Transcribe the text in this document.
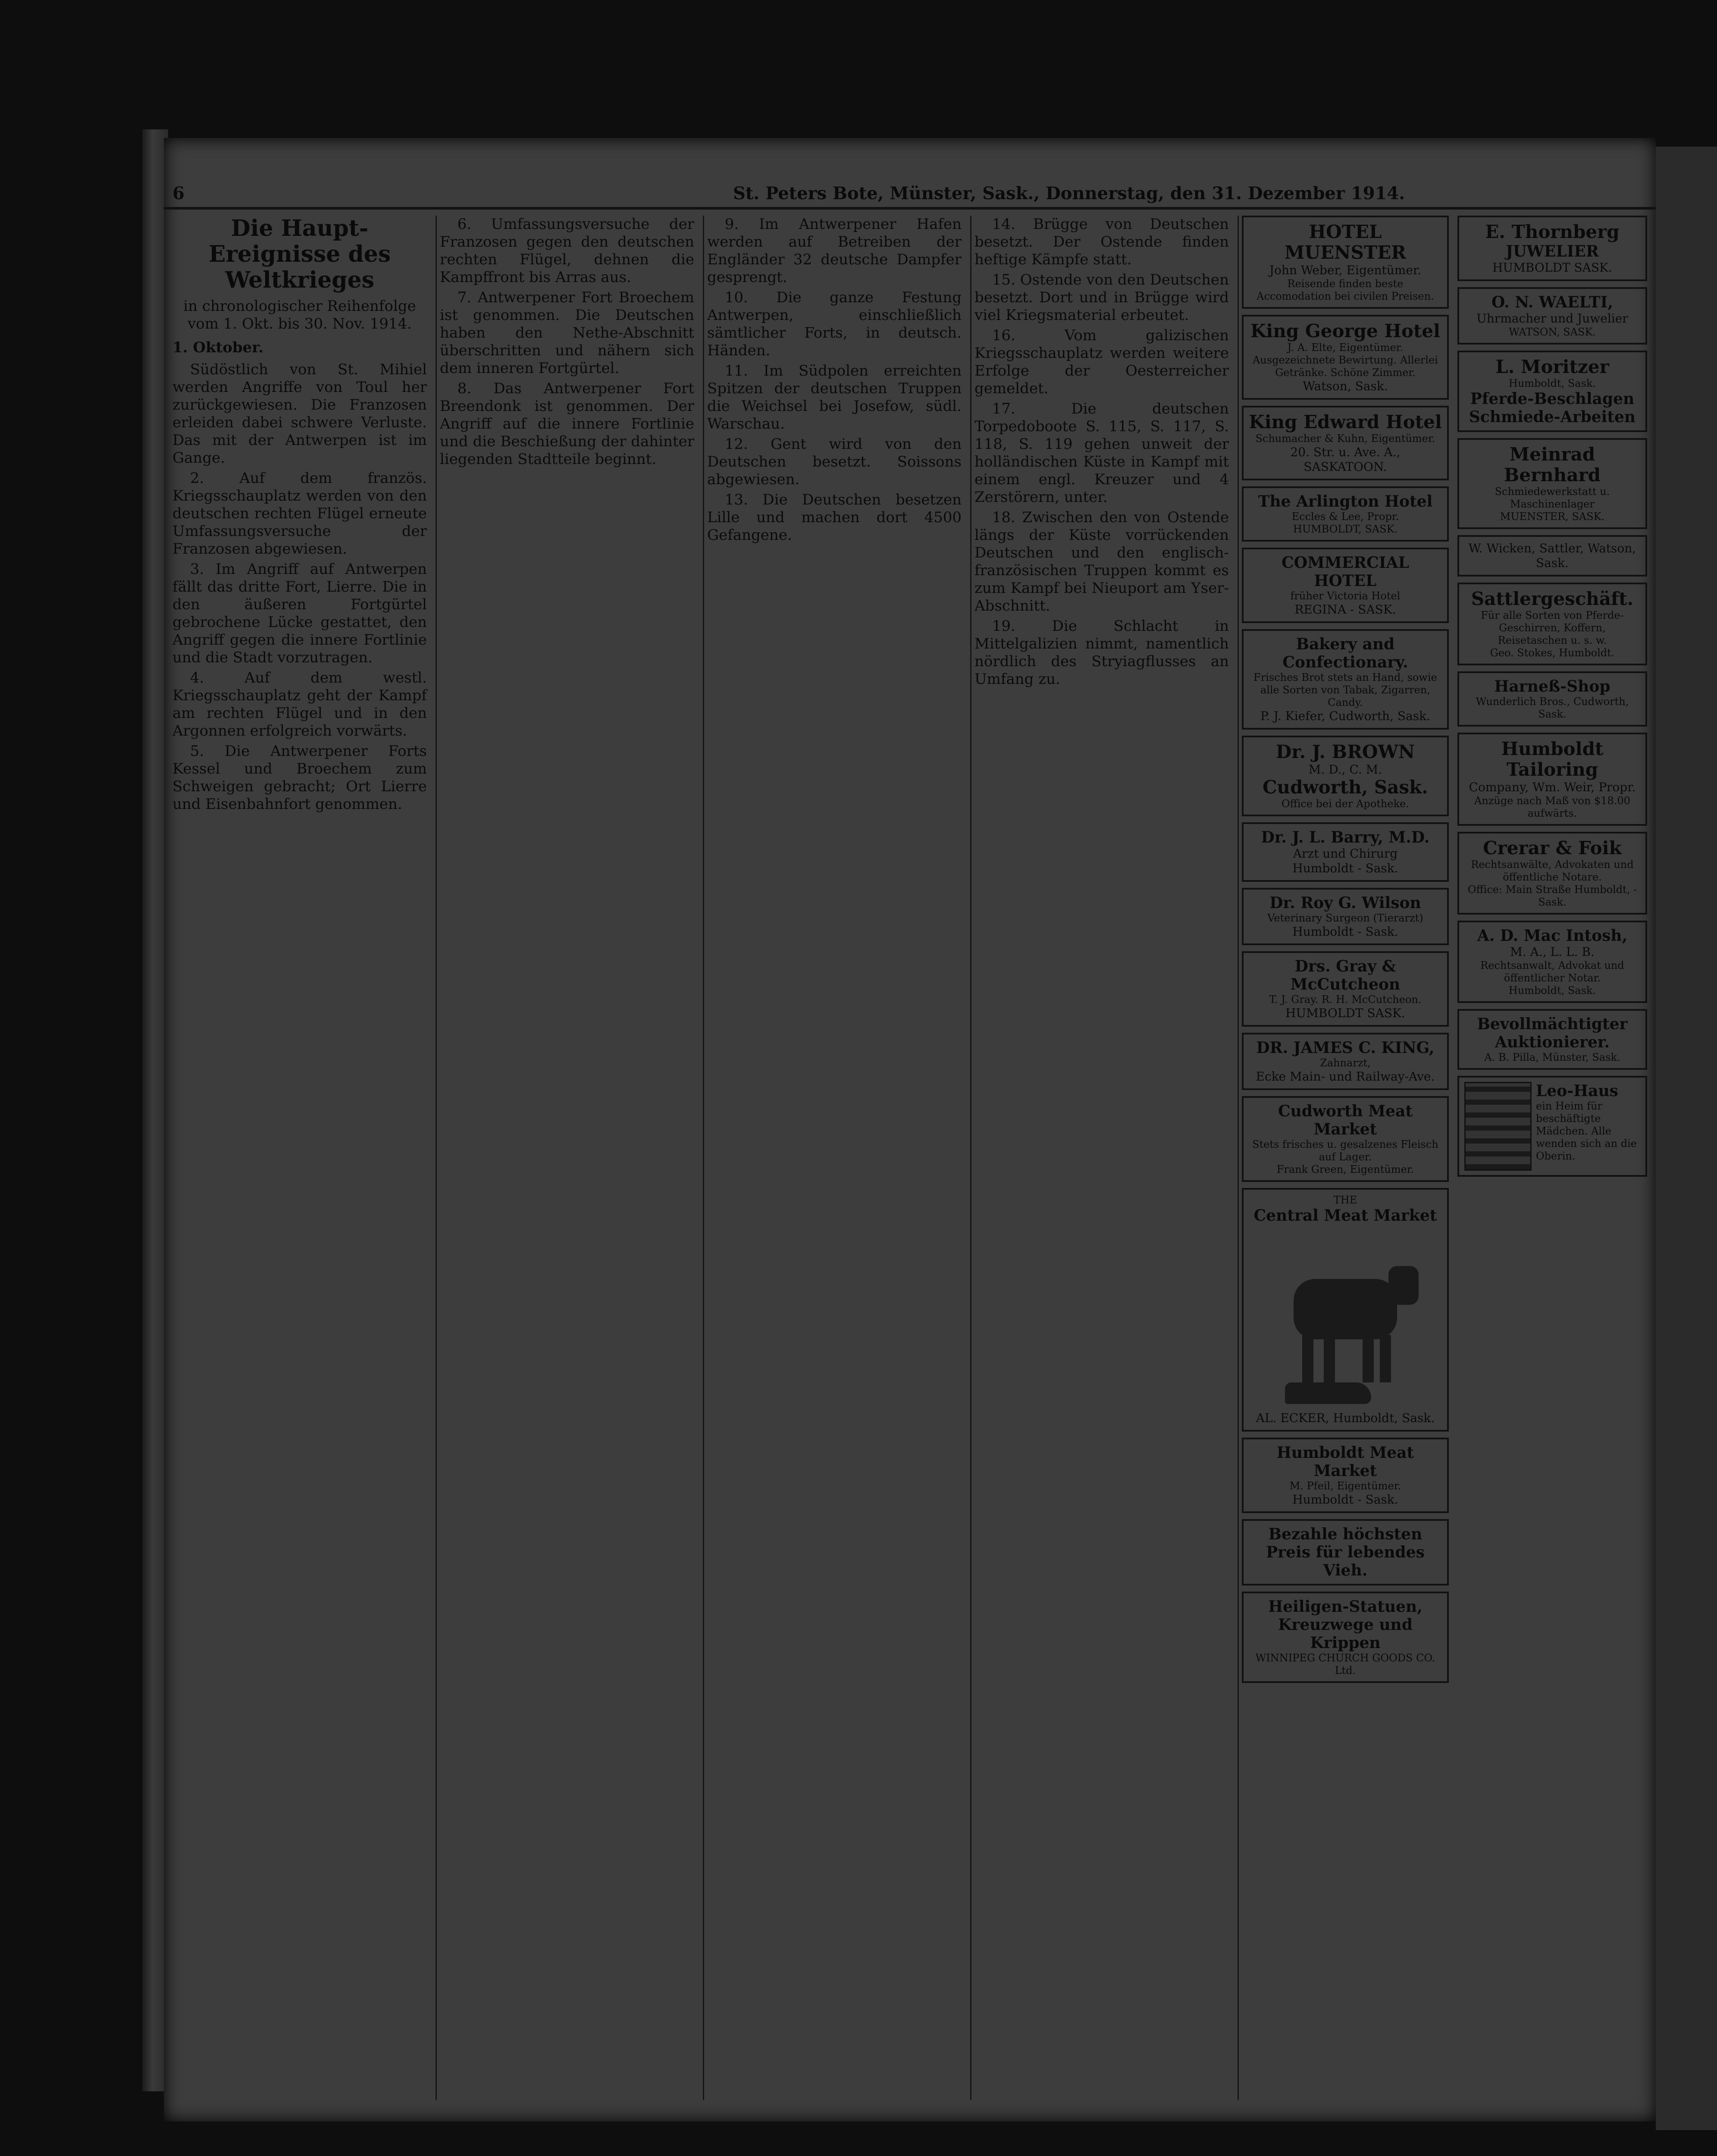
6	St. Peters Bote, Münster, Sask., Donnerstag, den 31. Dezember 1914.
Die Haupt-Ereignisse des Weltkrieges
in chronologischer Reihenfolge vom 1. Okt. bis 30. Nov. 1914.
1. Oktober.

Südöstlich von St. Mihiel werden Angriffe von Toul her zurückgewiesen. Die Franzosen erleiden dabei schwere Verluste. Das mit der Antwerpen ist im Gange.

2. Auf dem französ. Kriegsschauplatz werden von den deutschen rechten Flügel erneute Umfassungsversuche der Franzosen abgewiesen.

3. Im Angriff auf Antwerpen fällt das dritte Fort, Lierre. Die in den äußeren Fortgürtel gebrochene Lücke gestattet, den Angriff gegen die innere Fortlinie und die Stadt vorzutragen.

4. Auf dem westl. Kriegsschauplatz geht der Kampf am rechten Flügel und in den Argonnen erfolgreich vorwärts.

5. Die Antwerpener Forts Kessel und Broechem zum Schweigen gebracht; Ort Lierre und Eisenbahnfort genommen.

6. Umfassungsversuche der Franzosen gegen den deutschen rechten Flügel, dehnen die Kampffront bis Arras aus.

7. Antwerpener Fort Broechem ist genommen. Die Deutschen haben den Nethe-Abschnitt überschritten und nähern sich dem inneren Fortgürtel.

8. Das Antwerpener Fort Breendonk ist genommen. Der Angriff auf die innere Fortlinie und die Beschießung der dahinter liegenden Stadtteile beginnt.

9. Im Antwerpener Hafen werden auf Betreiben der Engländer 32 deutsche Dampfer gesprengt.

10. Die ganze Festung Antwerpen, einschließlich sämtlicher Forts, in deutsch. Händen.

11. Im Südpolen erreichten Spitzen der deutschen Truppen die Weichsel bei Josefow, südl. Warschau.

12. Gent wird von den Deutschen besetzt. Soissons abgewiesen.

13. Die Deutschen besetzen Lille und machen dort 4500 Gefangene.

14. Brügge von Deutschen besetzt. Der Ostende finden heftige Kämpfe statt.

15. Ostende von den Deutschen besetzt. Dort und in Brügge wird viel Kriegsmaterial erbeutet.

16. Vom galizischen Kriegsschauplatz werden weitere Erfolge der Oesterreicher gemeldet.

17. Die deutschen Torpedoboote S. 115, S. 117, S. 118, S. 119 gehen unweit der holländischen Küste in Kampf mit einem engl. Kreuzer und 4 Zerstörern, unter.

18. Zwischen den von Ostende längs der Küste vorrückenden Deutschen und den englisch-französischen Truppen kommt es zum Kampf bei Nieuport am Yser-Abschnitt.

19. Die Schlacht in Mittelgalizien nimmt, namentlich nördlich des Stryiagflusses an Umfang zu.

HOTEL MUENSTER
John Weber, Eigentümer.
Reisende finden beste Accomodation bei civilen Preisen.
King George Hotel
J. A. Elte, Eigentümer.
Ausgezeichnete Bewirtung. Allerlei Getränke. Schöne Zimmer.
Watson, Sask.
King Edward Hotel
Schumacher & Kuhn, Eigentümer.
20. Str. u. Ave. A., SASKATOON.
The Arlington Hotel
Eccles & Lee, Propr.
HUMBOLDT, SASK.
COMMERCIAL HOTEL
früher Victoria Hotel
REGINA - SASK.
Bakery and Confectionary.
Frisches Brot stets an Hand, sowie alle Sorten von Tabak, Zigarren, Candy.
P. J. Kiefer, Cudworth, Sask.
Dr. J. BROWN
M. D., C. M.
Cudworth, Sask.
Office bei der Apotheke.
Dr. J. L. Barry, M.D.
Arzt und Chirurg
Humboldt - Sask.
Dr. Roy G. Wilson
Veterinary Surgeon (Tierarzt)
Humboldt - Sask.
Drs. Gray & McCutcheon
T. J. Gray. R. H. McCutcheon.
HUMBOLDT SASK.
DR. JAMES C. KING,
Zahnarzt,
Ecke Main- und Railway-Ave.
Cudworth Meat Market
Stets frisches u. gesalzenes Fleisch auf Lager.
Frank Green, Eigentümer.
THE
Central Meat Market
AL. ECKER, Humboldt, Sask.
Humboldt Meat Market
M. Pfeil, Eigentümer.
Humboldt - Sask.
Bezahle höchsten Preis für lebendes Vieh.
Heiligen-Statuen, Kreuzwege und Krippen
WINNIPEG CHURCH GOODS CO. Ltd.
E. Thornberg
JUWELIER
HUMBOLDT SASK.
O. N. WAELTI,
Uhrmacher und Juwelier
WATSON, SASK.
L. Moritzer
Humboldt, Sask.
Pferde-Beschlagen Schmiede-Arbeiten
Meinrad Bernhard
Schmiedewerkstatt u. Maschinenlager
MUENSTER, SASK.
W. Wicken, Sattler, Watson, Sask.
Sattlergeschäft.
Für alle Sorten von Pferde-Geschirren, Koffern, Reisetaschen u. s. w.
Geo. Stokes, Humboldt.
Harneß-Shop
Wunderlich Bros., Cudworth, Sask.
Humboldt Tailoring
Company, Wm. Weir, Propr.
Anzüge nach Maß von $18.00 aufwärts.
Crerar & Foik
Rechtsanwälte, Advokaten und öffentliche Notare.
Office: Main Straße Humboldt, - Sask.
A. D. Mac Intosh,
M. A., L. L. B.
Rechtsanwalt, Advokat und öffentlicher Notar.
Humboldt, Sask.
Bevollmächtigter Auktionierer.
A. B. Pilla, Münster, Sask.
Leo-Haus
ein Heim für beschäftigte Mädchen. Alle wenden sich an die Oberin.
